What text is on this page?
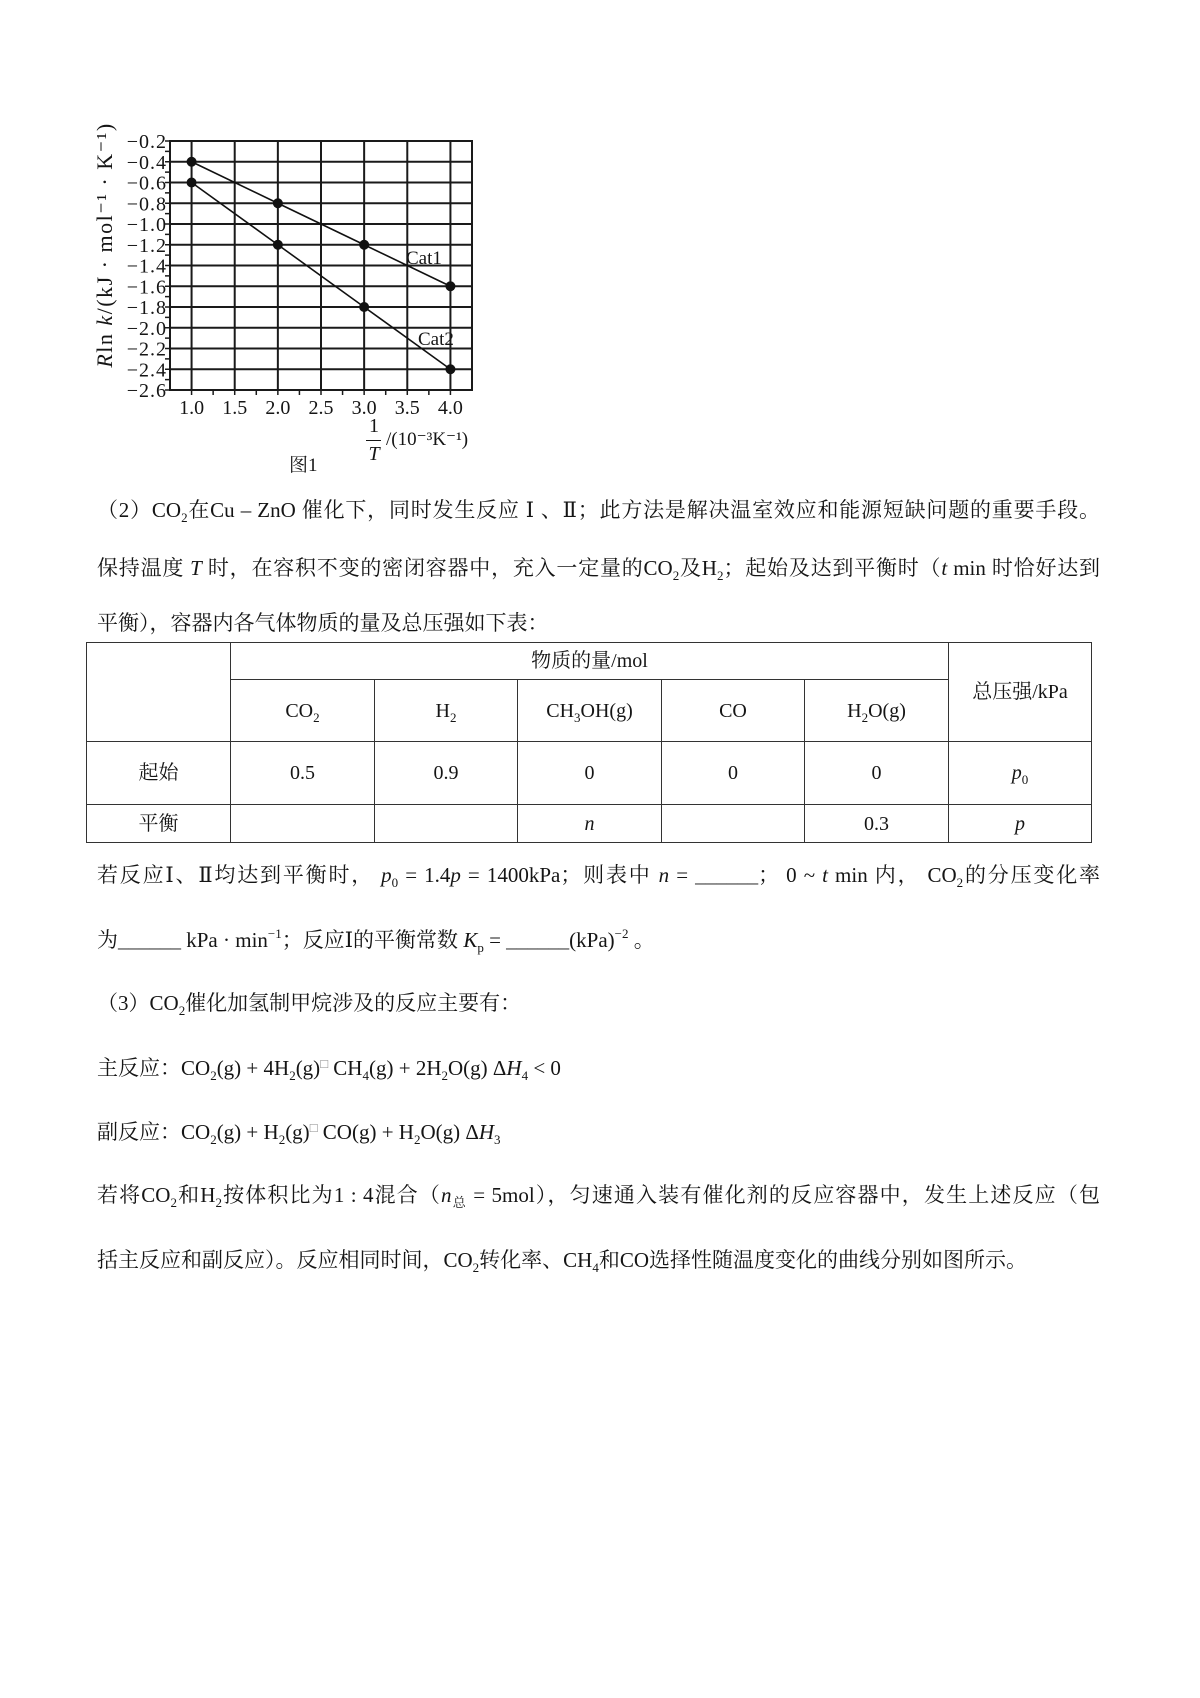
−0.2
−0.4
−0.6
−0.8
−1.0
−1.2
−1.4
−1.6
−1.8
−2.0
−2.2
−2.4
−2.6
1.0 1.5 2.0 2.5 3.0 3.5 4.0
Cat1
Cat2
Rln k/(kJ · mol⁻¹ · K⁻¹)
1
T
/(10⁻³K⁻¹)
图1
$(2)CO_2$在Cu – ZnO 催化下，同时发生反应 Ⅰ 、Ⅱ；此方法是解决温室效应和能源短缺问题的重要手段。
保持温度 T 时，在容积不变的密闭容器中，充入一定量的$CO_2$及$H_2$；起始及达到平衡时（t min 时恰好达到
平衡），容器内各气体物质的量及总压强如下表：
	物质的量/mol					总压强/kPa
	$CO_2$	$H_2$	$CH_3OH(g)$	CO	$H_2O(g)$	
起始	0.5	0.9	0	0	0	$p_0$
平衡			n		0.3	p
若反应Ⅰ、Ⅱ均达到平衡时， $p_0 = 1.4p = 1400kPa$；则表中 n = ______； 0 ~ t min 内， $CO_2$的分压变化率
为______ kPa · $\min^{-1}$；反应Ⅰ的平衡常数 $K_p$ = ______(kPa)$^{-2}$ 。
$(3)CO_2$催化加氢制甲烷涉及的反应主要有：
主反应：$CO_2(g) + 4H_2(g)^□$ $CH_4(g) + 2H_2O(g) \Delta H_4 < 0$
副反应：$CO_2(g) + H_2(g)^□$ $CO(g) + H_2O(g)$ $\Delta H_3$
若将$CO_2$和$H_2$按体积比为1 : 4混合$(n_总 = 5mol)$，匀速通入装有催化剂的反应容器中，发生上述反应（包
括主反应和副反应）。反应相同时间，$CO_2$转化率、$CH_4$和CO选择性随温度变化的曲线分别如图所示。
